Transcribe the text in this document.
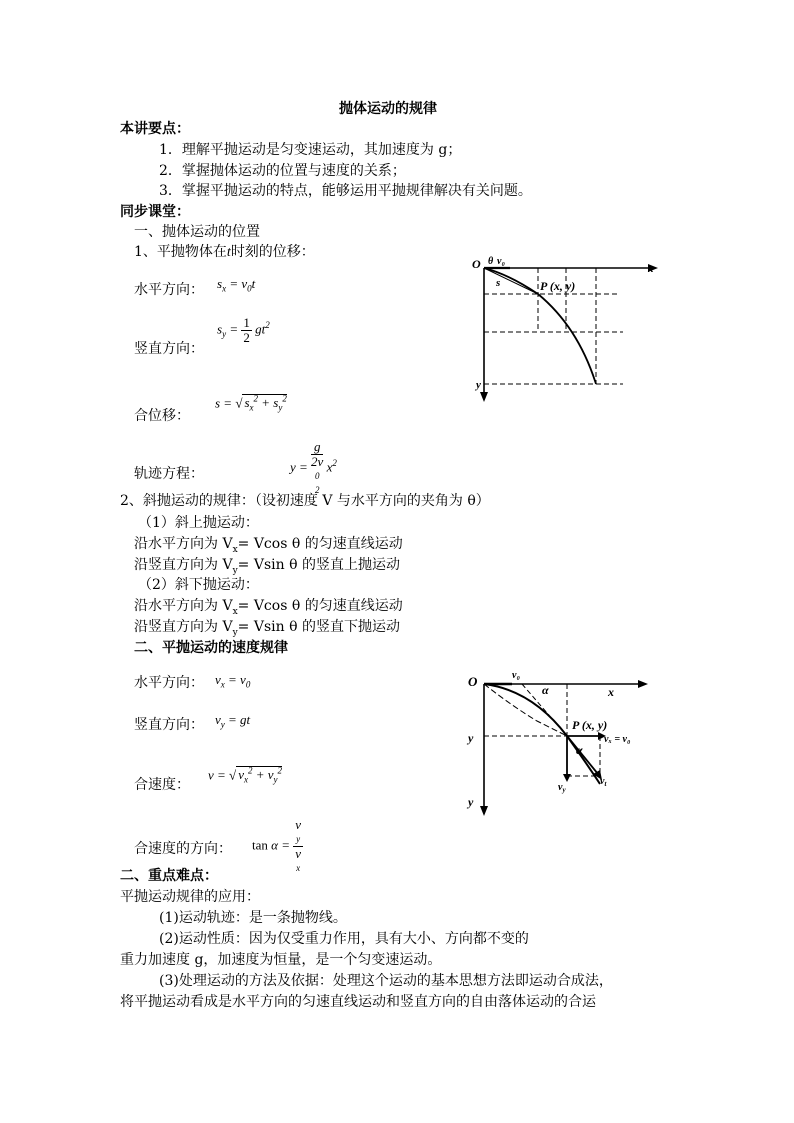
抛体运动的规律
本讲要点：
1．理解平抛运动是匀变速运动，其加速度为 g；
2．掌握抛体运动的位置与速度的关系；
3．掌握平抛运动的特点，能够运用平抛规律解决有关问题。
同步课堂：
一、抛体运动的位置
1、平抛物体在t时刻的位移：
水平方向： $s_x = v_0t$
竖直方向：
$s_y = \frac{1}{2} gt^2$
合位移：
s = √ $s_x^2 + s_y^2$
y = g
2v
0
2 $x^2$
轨迹方程：
2、斜抛运动的规律：（设初速度 V 与水平方向的夹角为 θ）
（1）斜上抛运动：
沿水平方向为 $V_x= Vcos$ θ 的匀速直线运动
沿竖直方向为 $V_y= Vsin$ θ 的竖直上抛运动
（2）斜下抛运动：
沿水平方向为 $V_x= Vcos$ θ 的匀速直线运动
沿竖直方向为 $V_y= Vsin$ θ 的竖直下抛运动
二、平抛运动的速度规律
水平方向： $v_x = v_0$
竖直方向： $v_y$ = gt
合速度：
v = √ $v_x^2 + v_y^2$
合速度的方向： tan α = v
y
v
x
二、重点难点：
平抛运动规律的应用：
(1)运动轨迹：是一条抛物线。
(2)运动性质：因为仅受重力作用，具有大小、方向都不变的
重力加速度 g，加速度为恒量，是一个匀变速运动。
(3)处理运动的方法及依据：处理这个运动的基本思想方法即运动合成法，
将平抛运动看成是水平方向的匀速直线运动和竖直方向的自由落体运动的合运
O θ v₀
s	P (x, y)
x
y
O	v₀
α
P (x, y)
vₓ = v₀
α
$v_y$
$v_t$
x
y
y
